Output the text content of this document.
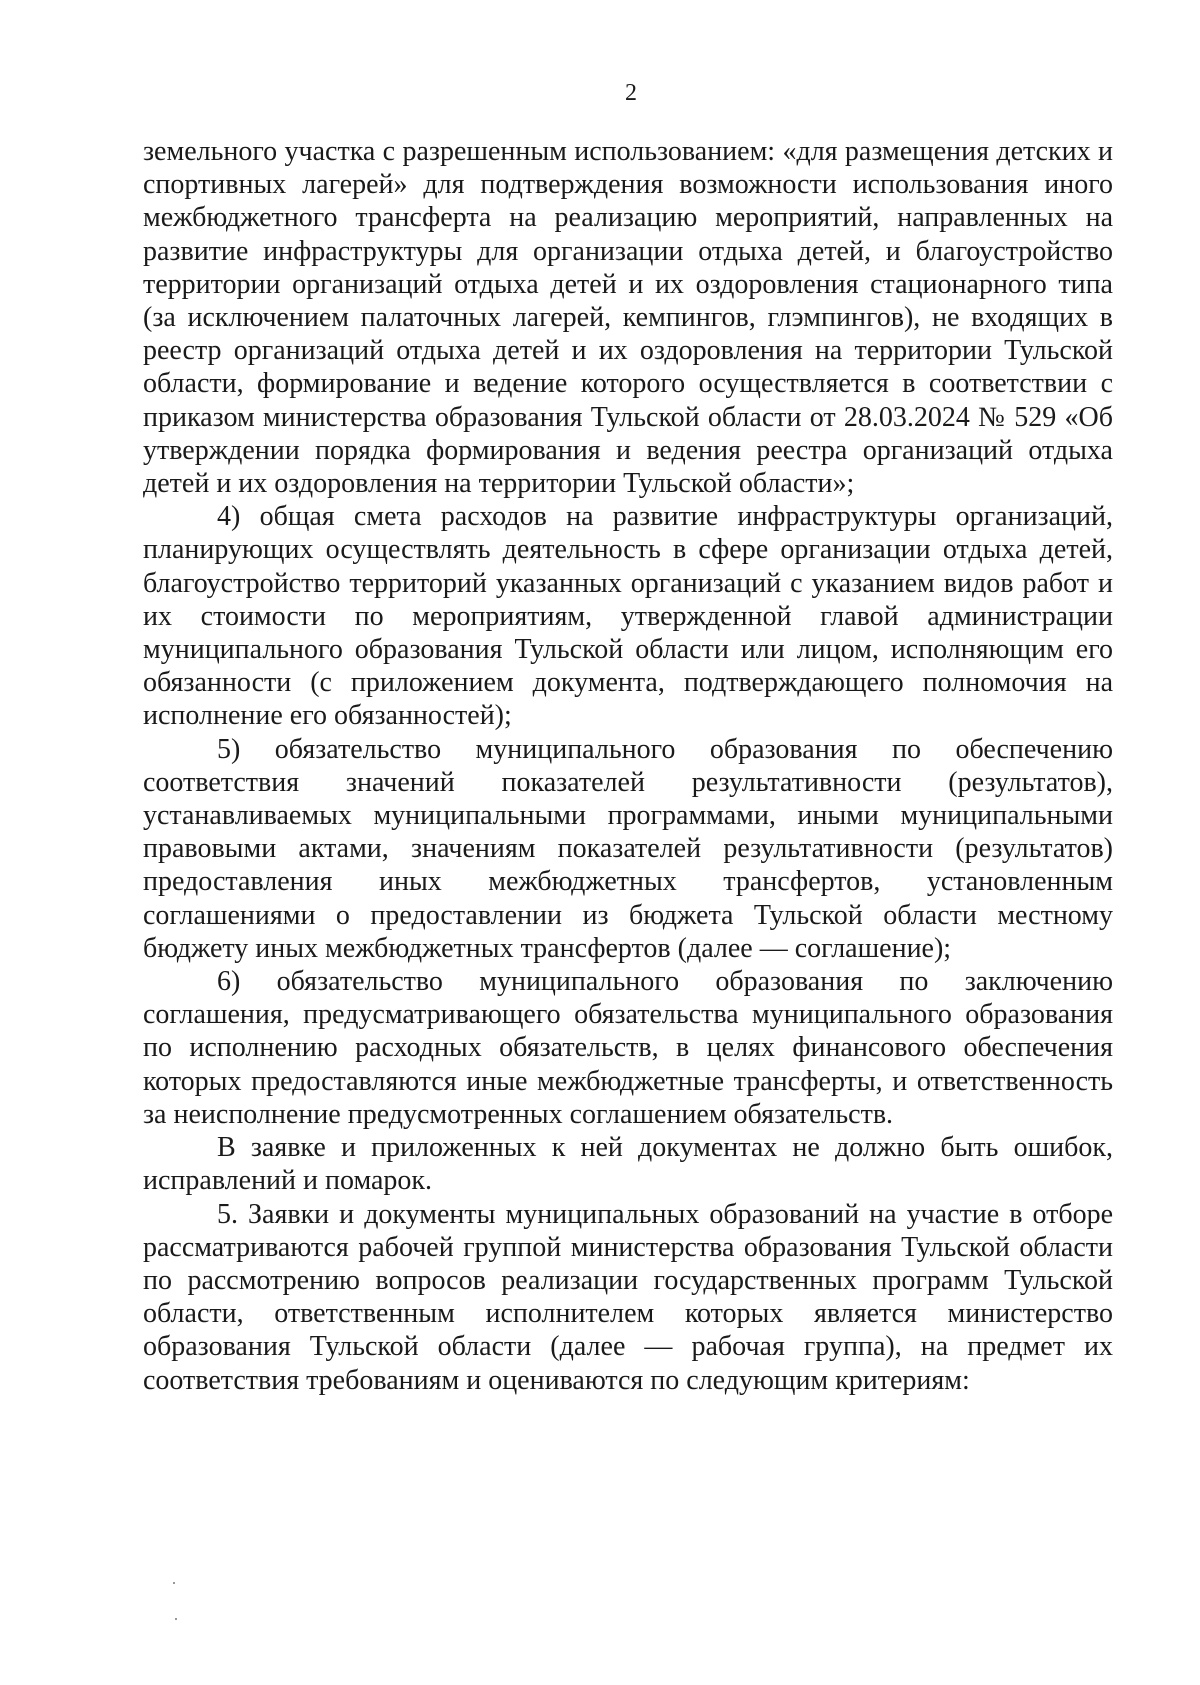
2

земельного участка с разрешенным использованием: «для размещения детских и спортивных лагерей» для подтверждения возможности использования иного межбюджетного трансферта на реализацию мероприятий, направленных на развитие инфраструктуры для организации отдыха детей, и благоустройство территории организаций отдыха детей и их оздоровления стационарного типа (за исключением палаточных лагерей, кемпингов, глэмпингов), не входящих в реестр организаций отдыха детей и их оздоровления на территории Тульской области, формирование и ведение которого осуществляется в соответствии с приказом министерства образования Тульской области от 28.03.2024 № 529 «Об утверждении порядка формирования и ведения реестра организаций отдыха детей и их оздоровления на территории Тульской области»;

4) общая смета расходов на развитие инфраструктуры организаций, планирующих осуществлять деятельность в сфере организации отдыха детей, благоустройство территорий указанных организаций с указанием видов работ и их стоимости по мероприятиям, утвержденной главой администрации муниципального образования Тульской области или лицом, исполняющим его обязанности (с приложением документа, подтверждающего полномочия на исполнение его обязанностей);

5) обязательство муниципального образования по обеспечению соответствия значений показателей результативности (результатов), устанавливаемых муниципальными программами, иными муниципальными правовыми актами, значениям показателей результативности (результатов) предоставления иных межбюджетных трансфертов, установленным соглашениями о предоставлении из бюджета Тульской области местному бюджету иных межбюджетных трансфертов (далее — соглашение);

6) обязательство муниципального образования по заключению соглашения, предусматривающего обязательства муниципального образования по исполнению расходных обязательств, в целях финансового обеспечения которых предоставляются иные межбюджетные трансферты, и ответственность за неисполнение предусмотренных соглашением обязательств.

В заявке и приложенных к ней документах не должно быть ошибок, исправлений и помарок.

5. Заявки и документы муниципальных образований на участие в отборе рассматриваются рабочей группой министерства образования Тульской области по рассмотрению вопросов реализации государственных программ Тульской области, ответственным исполнителем которых является министерство образования Тульской области (далее — рабочая группа), на предмет их соответствия требованиям и оцениваются по следующим критериям:
